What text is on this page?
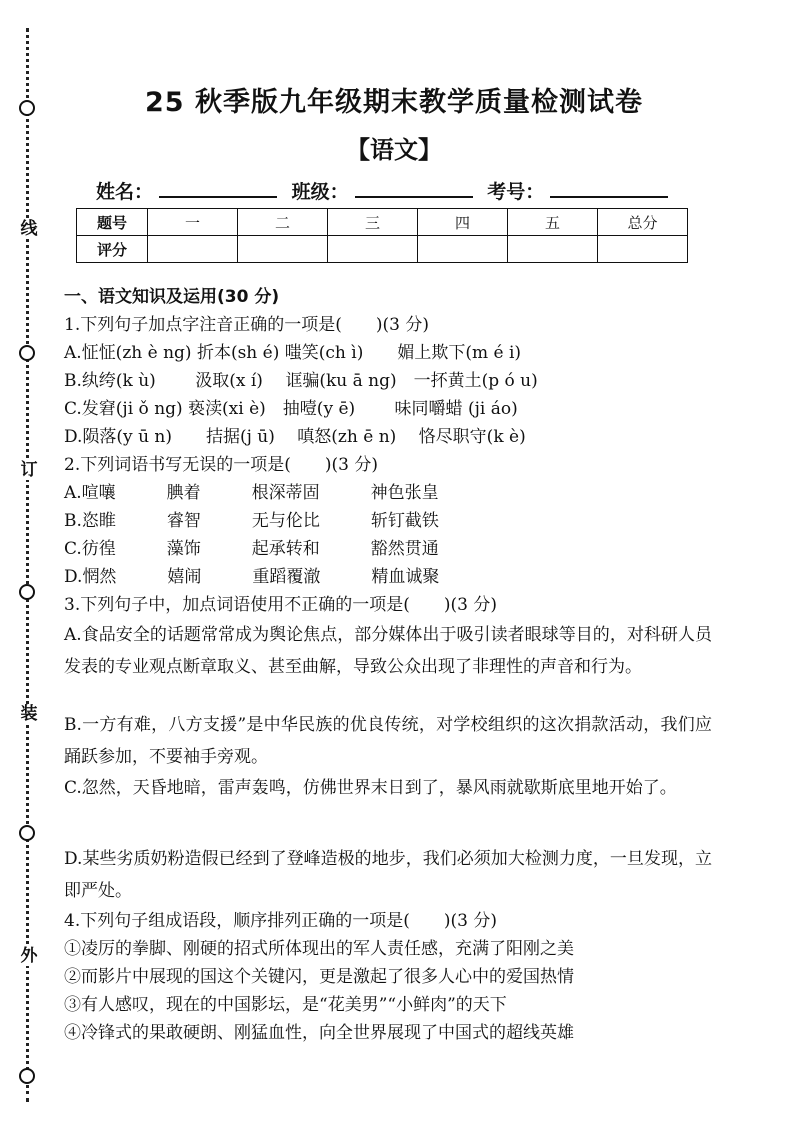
线
订
装
外
25 秋季版九年级期末教学质量检测试卷
【语文】
姓名：	班级：	考号：
题号	一	二	三	四	五	总分
评分						
一、语文知识及运用(30 分)
1.下列句子加点字注音正确的一项是(　　)(3 分)
A.怔怔(zh è ng) 折本(sh é) 嗤笑(ch ì)　　媚上欺下(m é i)
B.纨绔(k ù)　　 汲取(x í)　 诓骗(ku ā ng)　一抔黄土(p ó u)
C.发窘(ji ǒ ng) 亵渎(xi è)　抽噎(y ē)　　 味同嚼蜡 (ji áo)
D.陨落(y ū n)　　拮据(j ū)　 嗔怒(zh ē n)　 恪尽职守(k è)
2.下列词语书写无误的一项是(　　)(3 分)
A.喧嚷　　　腆着　　　根深蒂固　　　神色张皇
B.恣睢　　　睿智　　　无与伦比　　　斩钉截铁
C.彷徨　　　藻饰　　　起承转和　　　豁然贯通
D.惘然　　　嬉闹　　　重蹈覆澈　　　精血诚聚
3.下列句子中，加点词语使用不正确的一项是(　　)(3 分)
A.食品安全的话题常常成为舆论焦点，部分媒体出于吸引读者眼球等目的，对科研人员发表的专业观点断章取义、甚至曲解，导致公众出现了非理性的声音和行为。
B.一方有难，八方支援”是中华民族的优良传统，对学校组织的这次捐款活动，我们应踊跃参加，不要袖手旁观。
C.忽然，天昏地暗，雷声轰鸣，仿佛世界末日到了，暴风雨就歇斯底里地开始了。
D.某些劣质奶粉造假已经到了登峰造极的地步，我们必须加大检测力度，一旦发现，立即严处。
4.下列句子组成语段，顺序排列正确的一项是(　　)(3 分)
①凌厉的拳脚、刚硬的招式所体现出的军人责任感，充满了阳刚之美
②而影片中展现的国这个关键闪，更是激起了很多人心中的爱国热情
③有人感叹，现在的中国影坛，是“花美男”“小鲜肉”的天下
④冷锋式的果敢硬朗、刚猛血性，向全世界展现了中国式的超线英雄
